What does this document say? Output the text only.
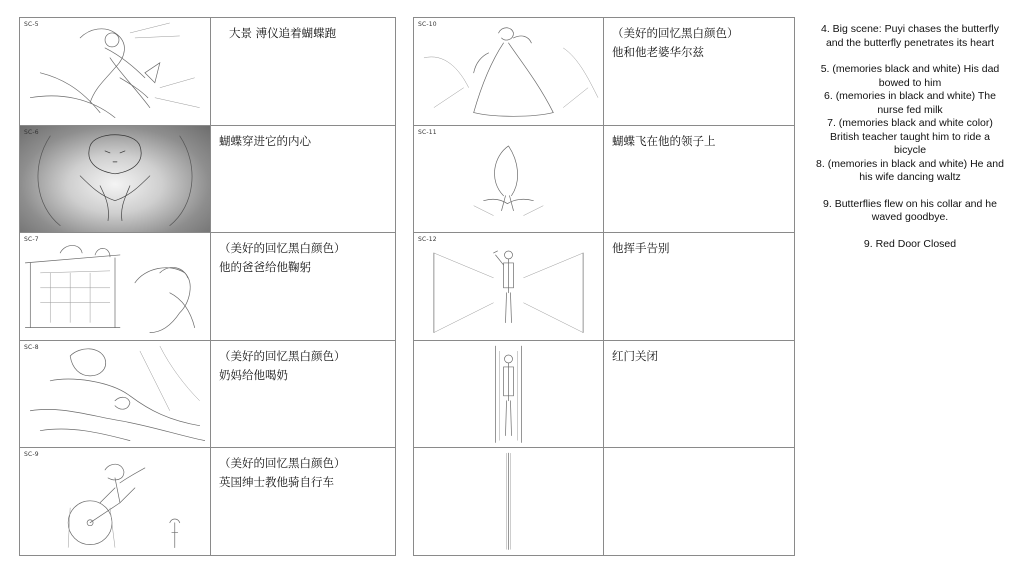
SC-5
大景 溥仪追着蝴蝶跑
SC-6
蝴蝶穿进它的内心
SC-7
（美好的回忆黑白颜色）
他的爸爸给他鞠躬
SC-8
（美好的回忆黑白颜色）
奶妈给他喝奶
SC-9
（美好的回忆黑白颜色）
英国绅士教他骑自行车
SC-10
（美好的回忆黑白颜色）
他和他老婆华尔兹
SC-11
蝴蝶飞在他的领子上
SC-12
他挥手告别
红门关闭

4. Big scene: Puyi chases the butterfly and the butterfly penetrates its heart

5. (memories black and white) His dad bowed to him

6. (memories in black and white) The nurse fed milk

7. (memories black and white color) British teacher taught him to ride a bicycle

8. (memories in black and white) He and his wife dancing waltz

9. Butterflies flew on his collar and he waved goodbye.

9. Red Door Closed
